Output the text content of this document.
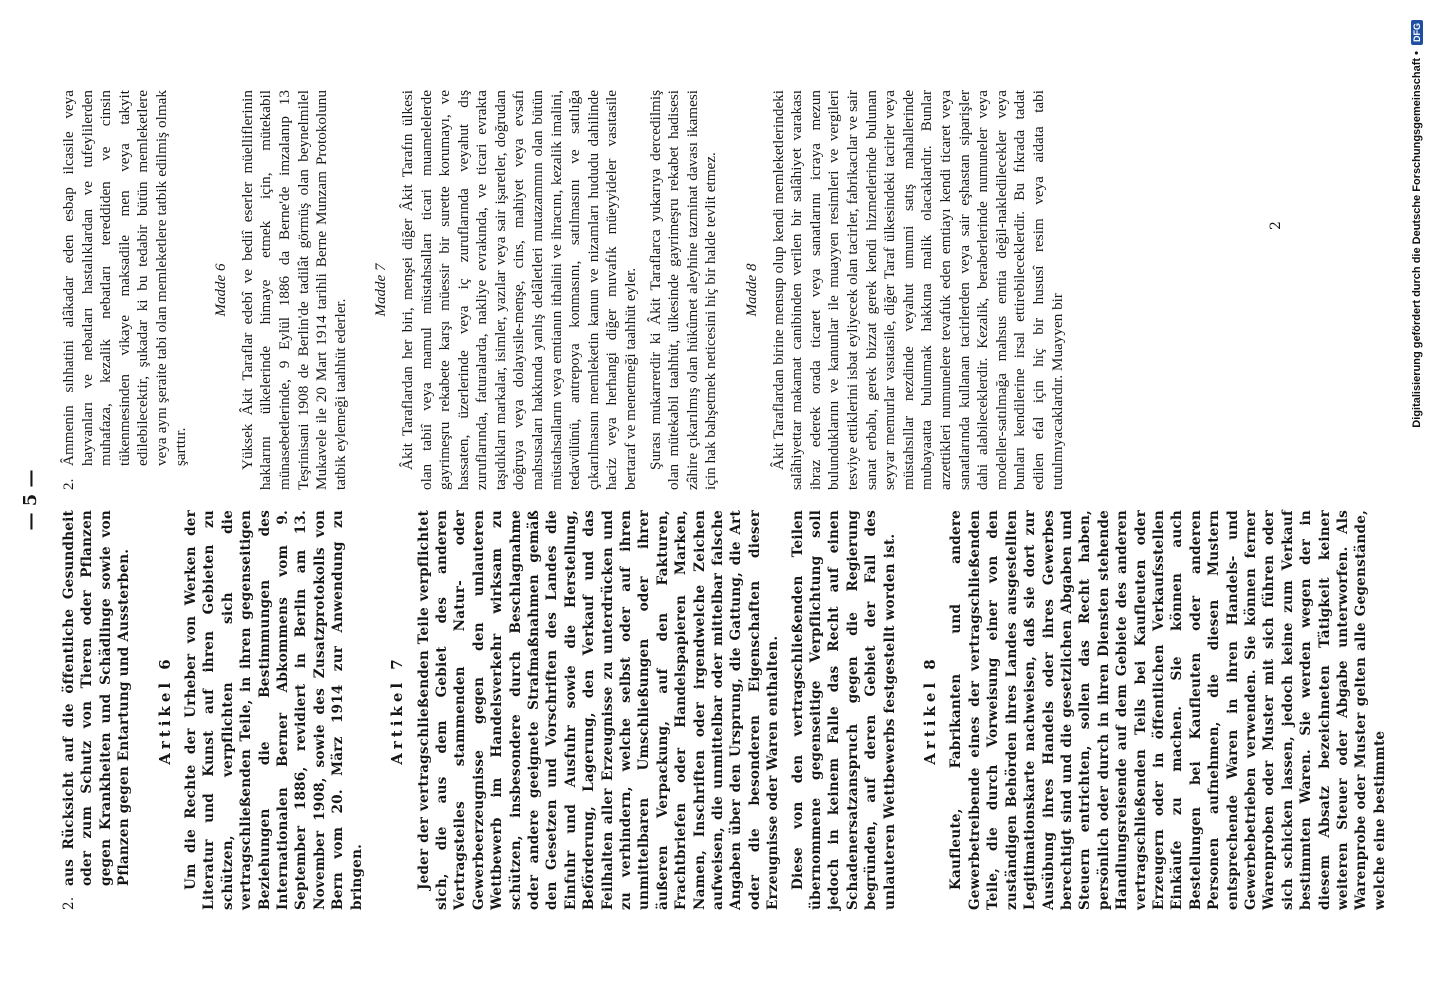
— 5 —

2.
aus Rücksicht auf die öffentliche Gesundheit oder zum Schutz von Tieren oder Pflanzen gegen Krankheiten und Schädlinge sowie von Pflanzen gegen Entartung und Aussterben. Artikel 6 Um die Rechte der Urheber von Werken der Literatur und Kunst auf ihren Gebieten zu schützen, verpflichten sich die vertragschließenden Teile, in ihren gegenseitigen Beziehungen die Bestimmungen des Internationalen Berner Abkommens vom 9. September 1886, revidiert in Berlin am 13. November 1908, sowie des Zusatzprotokolls von Bern vom 20. März 1914 zur Anwendung zu bringen.

Artikel 7 Jeder der vertragschließenden Teile verpflichtet sich, die aus dem Gebiet des anderen Vertragsteiles stammenden Natur- oder Gewerbeerzeugnisse gegen den unlauteren Wettbewerb im Handelsverkehr wirksam zu schützen, insbesondere durch Beschlagnahme oder andere geeignete Strafmaßnahmen gemäß den Gesetzen und Vorschriften des Landes die Einfuhr und Ausfuhr sowie die Herstellung, Beförderung, Lagerung, den Verkauf und das Feilhalten aller Erzeugnisse zu unterdrücken und zu verhindern, welche selbst oder auf ihren unmittelbaren Umschließungen oder ihrer äußeren Verpackung, auf den Fakturen, Frachtbriefen oder Handelspapieren Marken, Namen, Inschriften oder irgendwelche Zeichen aufweisen, die unmittelbar oder mittelbar falsche Angaben über den Ursprung, die Gattung, die Art oder die besonderen Eigenschaften dieser Erzeugnisse oder Waren enthalten. Diese von den vertragschließenden Teilen übernommene gegenseitige Verpflichtung soll jedoch in keinem Falle das Recht auf einen Schadenersatzanspruch gegen die Regierung begründen, auf deren Gebiet der Fall des unlauteren Wettbewerbs festgestellt worden ist. Artikel 8 Kaufleute, Fabrikanten und andere Gewerbetreibende eines der vertragschließenden Teile, die durch Vorweisung einer von den zuständigen Behörden ihres Landes ausgestellten Legitimationskarte nachweisen, daß sie dort zur Ausübung ihres Handels oder ihres Gewerbes berechtigt sind und die gesetzlichen Abgaben und Steuern entrichten, sollen das Recht haben, persönlich oder durch in ihren Diensten stehende Handlungsreisende auf dem Gebiete des anderen vertragschließenden Teils bei Kaufleuten oder Erzeugern oder in öffentlichen Verkaufsstellen Einkäufe zu machen. Sie können auch Bestellungen bei Kaufleuten oder anderen Personen aufnehmen, die diesen Mustern entsprechende Waren in ihren Handels- und Gewerbebetrieben verwenden. Sie können ferner Warenproben oder Muster mit sich führen oder sich schicken lassen, jedoch keine zum Verkauf bestimmten Waren. Sie werden wegen der in diesem Absatz bezeichneten Tätigkeit keiner weiteren Steuer oder Abgabe unterworfen. Als Warenprobe oder Muster gelten alle Gegenstände, welche eine bestimmte

2.
Âmmenin sıhhatini alâkadar eden esbap ilcasile veya hayvanları ve nebatları hastalıklardan ve tufeylilerden muhafaza, kezalik nebatları tereddiden ve cinsin tükenmesinden vikaye maksadile men veya takyit edilebilecektir, şukadar ki bu tedabir bütün memleketlere veya aynı şeraite tabi olan memleketlere tatbik edilmiş olmak şarttır.

Madde 6 Yüksek Âkit Taraflar edebî ve bediî eserler müelliflerinin haklarını ülkelerinde himaye etmek için, mütekabil münasebetlerinde, 9 Eylül 1886 da Berne'de imzalanıp 13 Teşrinisani 1908 de Berlin'de tadilât görmüş olan beynelmilel Mukavele ile 20 Mart 1914 tarihli Berne Munzam Protokolunu tatbik eylemeği taahhüt ederler.

Madde 7 Âkit Taraflardan her biri, menşei diğer Âkit Tarafın ülkesi olan tabiî veya mamul müstahsalları ticari muamelelerde gayrimeşru rekabete karşı müessir bir surette korumayı, ve hassaten, üzerlerinde veya iç zuruflarında veyahut dış zuruflarında, faturalarda, nakliye evrakında, ve ticari evrakta taşıdıkları markalar, isimler, yazılar veya sair işaretler, doğrudan doğruya veya dolayısile-menşe, cins, mahiyet veya evsafı mahsusaları hakkında yanlış delâletleri mutazammın olan bütün müstahsalların veya emtianın ithalini ve ihracını, kezalik imalini, tedavülünü, antrepoya konmasını, satılmasını ve satılığa çıkarılmasını memleketin kanun ve nizamları hududu dahilinde haciz veya herhangi diğer muvafık müeyyideler vasıtasile bertaraf ve menetmeği taahhüt eyler. Şurası mukarrerdir ki Âkit Taraflarca yukarıya dercedilmiş olan mütekabil taahhüt, ülkesinde gayrimeşru rekabet hadisesi zâhire çıkarılmış olan hükûmet aleyhine tazminat davası ikamesi için hak bahşetmek neticesini hiç bir halde tevlit etmez. Madde 8 Âkit Taraflardan birine mensup olup kendi memleketlerindeki salâhiyettar makamat canibinden verilen bir salâhiyet varakası ibraz ederek orada ticaret veya sanatlarını icraya mezun bulunduklarını ve kanunlar ile muayyen resimleri ve vergileri tesviye ettiklerini isbat eyliyecek olan tacirler, fabrikacılar ve sair sanat erbabı, gerek bizzat gerek kendi hizmetlerinde bulunan seyyar memurlar vasıtasile, diğer Taraf ülkesindeki tacirler veya müstahsıllar nezdinde veyahut umumi satış mahallerinde mubayaatta bulunmak hakkına malik olacaklardır. Bunlar arzettikleri numunelere tevafuk eden emtiayı kendi ticaret veya sanatlarında kullanan tacirlerden veya sair eşhastan siparişler dahi alabileceklerdir. Kezalik, beraberlerinde numuneler veya modeller-satılmağa mahsus emtia değil-nakledilecekler veya bunları kendilerine irsal ettirebileceklerdir. Bu fıkrada tadat edilen efal için hiç bir hususî resim veya aidata tabi tutulmıyacaklardır. Muayyen bir

2	Digitalisierung gefördert durch die Deutsche Forschungsgemeinschaft •
DFG
